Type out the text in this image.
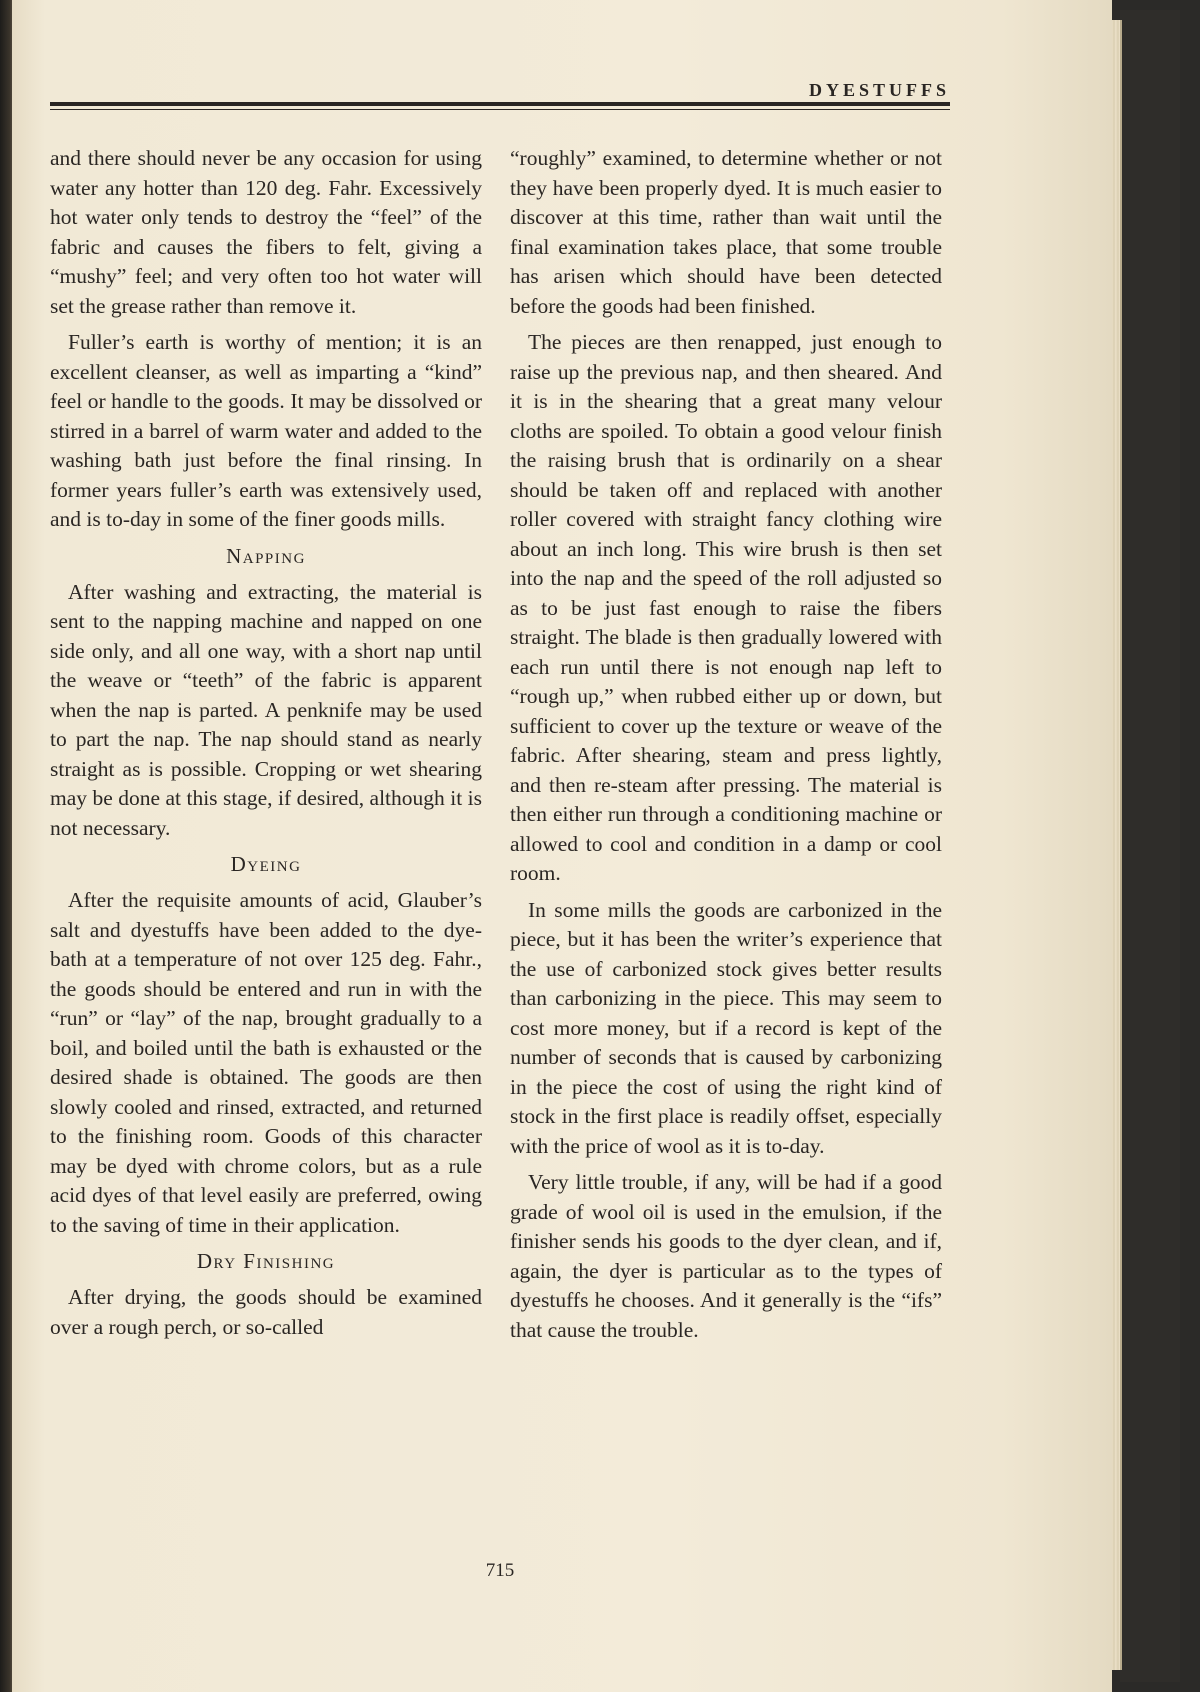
DYESTUFFS

and there should never be any occasion for using water any hotter than 120 deg. Fahr. Excessively hot water only tends to destroy the “feel” of the fabric and causes the fibers to felt, giving a “mushy” feel; and very often too hot water will set the grease rather than remove it.

Fuller’s earth is worthy of mention; it is an excellent cleanser, as well as imparting a “kind” feel or handle to the goods. It may be dissolved or stirred in a barrel of warm water and added to the washing bath just before the final rinsing. In former years fuller’s earth was extensively used, and is to-day in some of the finer goods mills.

Napping

After washing and extracting, the material is sent to the napping machine and napped on one side only, and all one way, with a short nap until the weave or “teeth” of the fabric is apparent when the nap is parted. A penknife may be used to part the nap. The nap should stand as nearly straight as is possible. Cropping or wet shearing may be done at this stage, if desired, although it is not necessary.

Dyeing

After the requisite amounts of acid, Glauber’s salt and dyestuffs have been added to the dye-bath at a temperature of not over 125 deg. Fahr., the goods should be entered and run in with the “run” or “lay” of the nap, brought gradually to a boil, and boiled until the bath is exhausted or the desired shade is obtained. The goods are then slowly cooled and rinsed, extracted, and returned to the finishing room. Goods of this character may be dyed with chrome colors, but as a rule acid dyes of that level easily are preferred, owing to the saving of time in their application.

Dry Finishing

After drying, the goods should be examined over a rough perch, or so-called

“roughly” examined, to determine whether or not they have been properly dyed. It is much easier to discover at this time, rather than wait until the final examination takes place, that some trouble has arisen which should have been detected before the goods had been finished.

The pieces are then renapped, just enough to raise up the previous nap, and then sheared. And it is in the shearing that a great many velour cloths are spoiled. To obtain a good velour finish the raising brush that is ordinarily on a shear should be taken off and replaced with another roller covered with straight fancy clothing wire about an inch long. This wire brush is then set into the nap and the speed of the roll adjusted so as to be just fast enough to raise the fibers straight. The blade is then gradually lowered with each run until there is not enough nap left to “rough up,” when rubbed either up or down, but sufficient to cover up the texture or weave of the fabric. After shearing, steam and press lightly, and then re-steam after pressing. The material is then either run through a conditioning machine or allowed to cool and condition in a damp or cool room.

In some mills the goods are carbonized in the piece, but it has been the writer’s experience that the use of carbonized stock gives better results than carbonizing in the piece. This may seem to cost more money, but if a record is kept of the number of seconds that is caused by carbonizing in the piece the cost of using the right kind of stock in the first place is readily offset, especially with the price of wool as it is to-day.

Very little trouble, if any, will be had if a good grade of wool oil is used in the emulsion, if the finisher sends his goods to the dyer clean, and if, again, the dyer is particular as to the types of dyestuffs he chooses. And it generally is the “ifs” that cause the trouble.

715
